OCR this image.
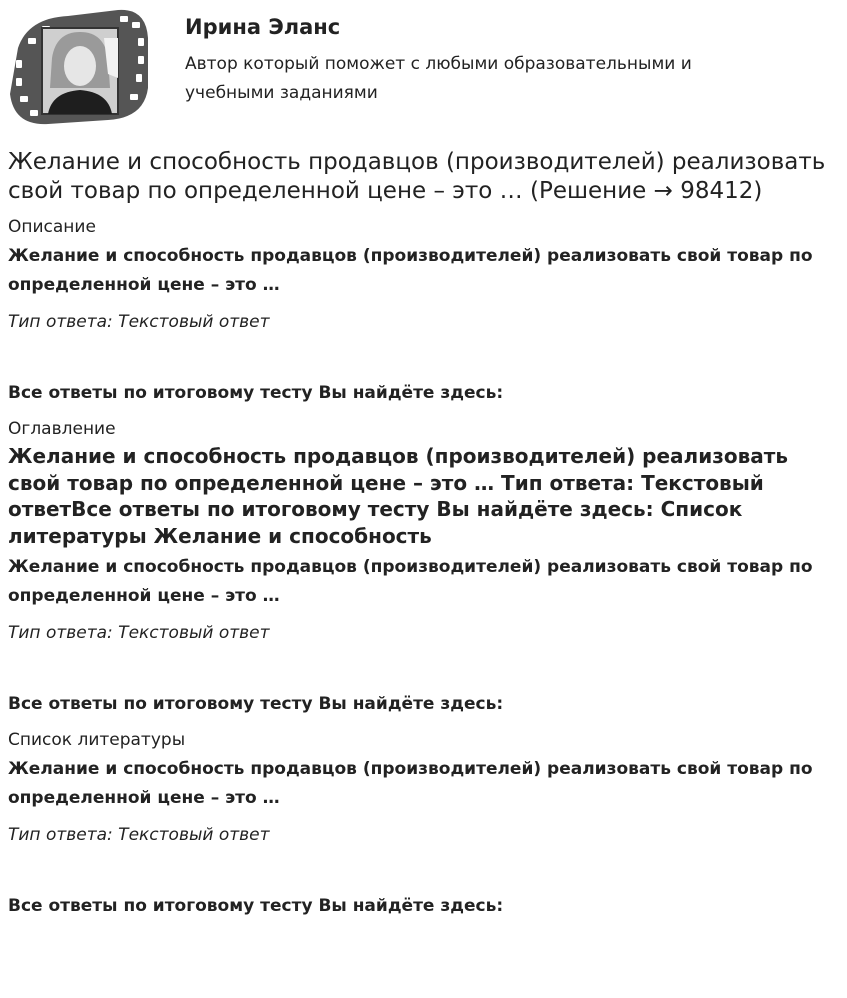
Ирина Эланс
Автор который поможет с любыми образовательными и учебными заданиями
Желание и способность продавцов (производителей) реализовать свой товар по определенной цене – это … (Решение → 98412)
Описание

Желание и способность продавцов (производителей) реализовать свой товар по определенной цене – это …

Тип ответа: Текстовый ответ

Все ответы по итоговому тесту Вы найдёте здесь:

Оглавление

Желание и способность продавцов (производителей) реализовать свой товар по определенной цене – это … Тип ответа: Текстовый ответВсе ответы по итоговому тесту Вы найдёте здесь: Список литературы Желание и способность

Желание и способность продавцов (производителей) реализовать свой товар по определенной цене – это …

Тип ответа: Текстовый ответ

Все ответы по итоговому тесту Вы найдёте здесь:

Список литературы

Желание и способность продавцов (производителей) реализовать свой товар по определенной цене – это …

Тип ответа: Текстовый ответ

Все ответы по итоговому тесту Вы найдёте здесь:
